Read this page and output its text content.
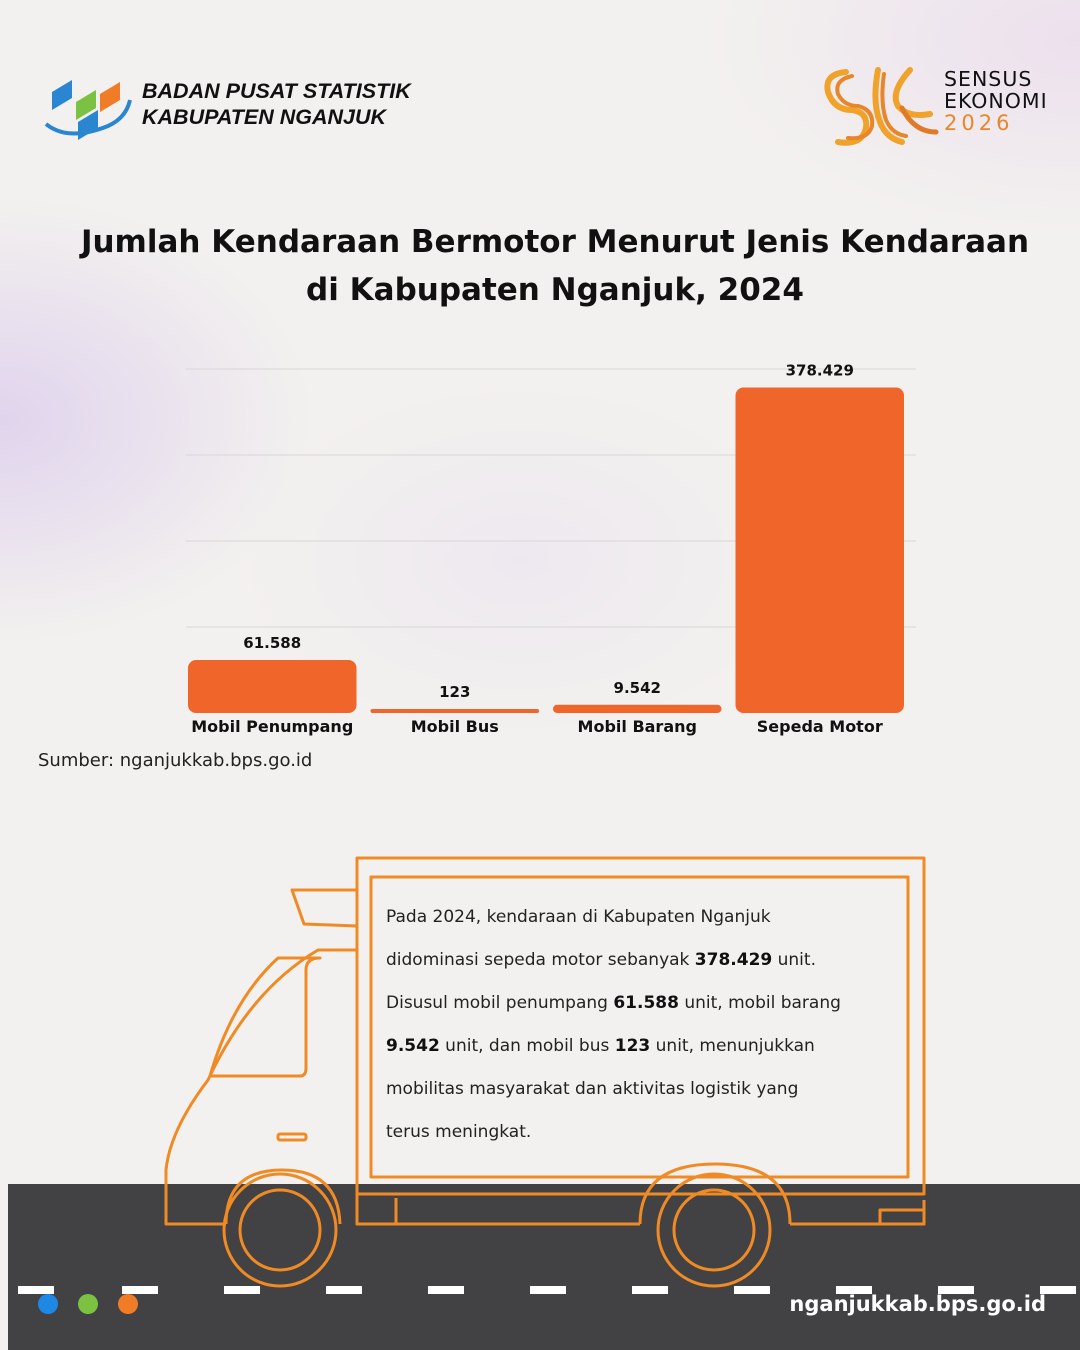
BADAN PUSAT STATISTIK
KABUPATEN NGANJUK
SENSUS
EKONOMI
2026
Jumlah Kendaraan Bermotor Menurut Jenis Kendaraan
di Kabupaten Nganjuk, 2024
61.588
Mobil Penumpang
123
Mobil Bus
9.542
Mobil Barang
378.429
Sepeda Motor
Sumber: nganjukkab.bps.go.id

Pada 2024, kendaraan di Kabupaten Nganjuk

didominasi sepeda motor sebanyak 378.429 unit.

Disusul mobil penumpang 61.588 unit, mobil barang

9.542 unit, dan mobil bus 123 unit, menunjukkan

mobilitas masyarakat dan aktivitas logistik yang

terus meningkat.

nganjukkab.bps.go.id
